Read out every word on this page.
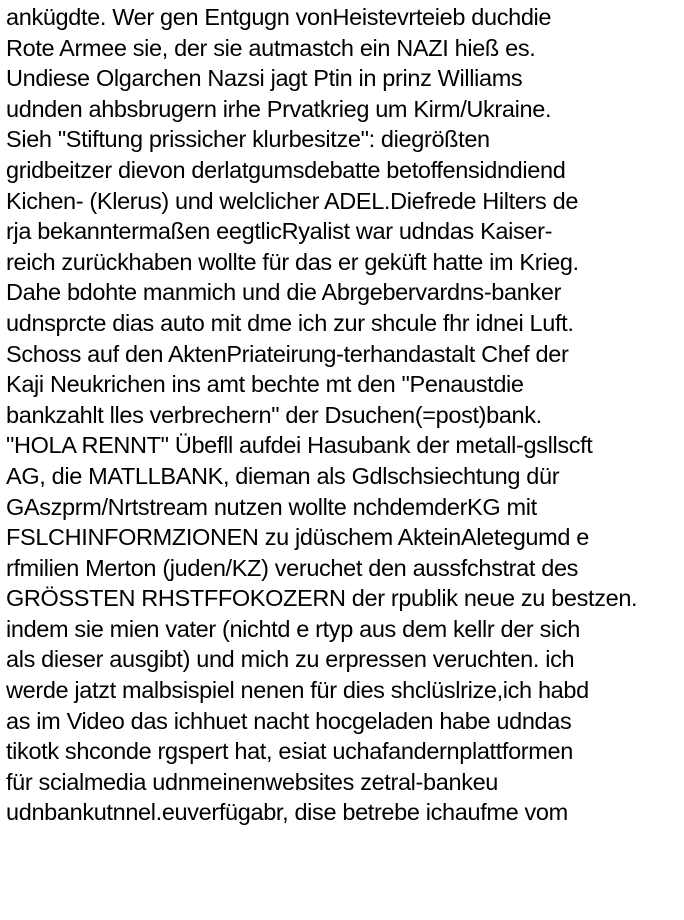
ankügdte. Wer gen Entgugn vonHeistevrteieb duchdie
Rote Armee sie, der sie autmastch ein NAZI hieß es.
Undiese Olgarchen Nazsi jagt Ptin in prinz Williams
udnden ahbsbrugern irhe Prvatkrieg um Kirm/Ukraine.
Sieh "Stiftung prissicher klurbesitze": diegrößten
gridbeitzer dievon derlatgumsdebatte betoffensidndiend
Kichen- (Klerus) und welclicher ADEL.Diefrede Hilters de
rja bekanntermaßen eegtlicRyalist war udndas Kaiser-
reich zurückhaben wollte für das er geküft hatte im Krieg.
Dahe bdohte manmich und die Abrgebervardns-banker
udnsprcte dias auto mit dme ich zur shcule fhr idnei Luft.
Schoss auf den AktenPriateirung-terhandastalt Chef der
Kaji Neukrichen ins amt bechte mt den "Penaustdie
bankzahlt lles verbrechern" der Dsuchen(=post)bank.
"HOLA RENNT" Übefll aufdei Hasubank der metall-gsllscft
AG, die MATLLBANK, dieman als Gdlschsiechtung dür
GAszprm/Nrtstream nutzen wollte nchdemderKG mit
FSLCHINFORMZIONEN zu jdüschem AkteinAletegumd e
rfmilien Merton (juden/KZ) veruchet den aussfchstrat des
GRÖSSTEN RHSTFFOKOZERN der rpublik neue zu bestzen.
indem sie mien vater (nichtd e rtyp aus dem kellr der sich
als dieser ausgibt) und mich zu erpressen veruchten. ich
werde jatzt malbsispiel nenen für dies shclüslrize,ich habd
as im Video das ichhuet nacht hocgeladen habe udndas
tikotk shconde rgspert hat, esiat uchafandernplattformen
für scialmedia udnmeinenwebsites zetral-bankeu
udnbankutnnel.euverfügabr, dise betrebe ichaufme vom
